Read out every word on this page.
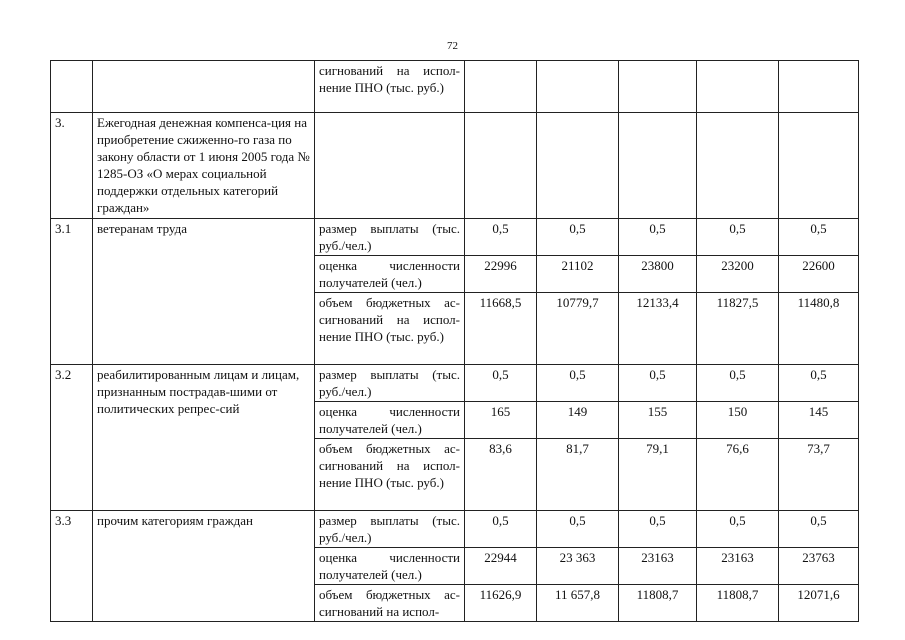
72
		сигнований на испол-нение ПНО (тыс. руб.)					
3.	Ежегодная денежная компенса-ция на приобретение сжиженно-го газа по закону области от 1 июня 2005 года № 1285-ОЗ «О мерах социальной поддержки отдельных категорий граждан»						
3.1	ветеранам труда	размер выплаты (тыс. руб./чел.)	0,5	0,5	0,5	0,5	0,5
		оценка численности получателей (чел.)	22996	21102	23800	23200	22600
		объем бюджетных ас-сигнований на испол-нение ПНО (тыс. руб.)	11668,5	10779,7	12133,4	11827,5	11480,8
3.2	реабилитированным лицам и лицам, признанным пострадав-шими от политических репрес-сий	размер выплаты (тыс. руб./чел.)	0,5	0,5	0,5	0,5	0,5
		оценка численности получателей (чел.)	165	149	155	150	145
		объем бюджетных ас-сигнований на испол-нение ПНО (тыс. руб.)	83,6	81,7	79,1	76,6	73,7
3.3	прочим категориям граждан	размер выплаты (тыс. руб./чел.)	0,5	0,5	0,5	0,5	0,5
		оценка численности получателей (чел.)	22944	23 363	23163	23163	23763
		объем бюджетных ас-сигнований на испол-	11626,9	11 657,8	11808,7	11808,7	12071,6
